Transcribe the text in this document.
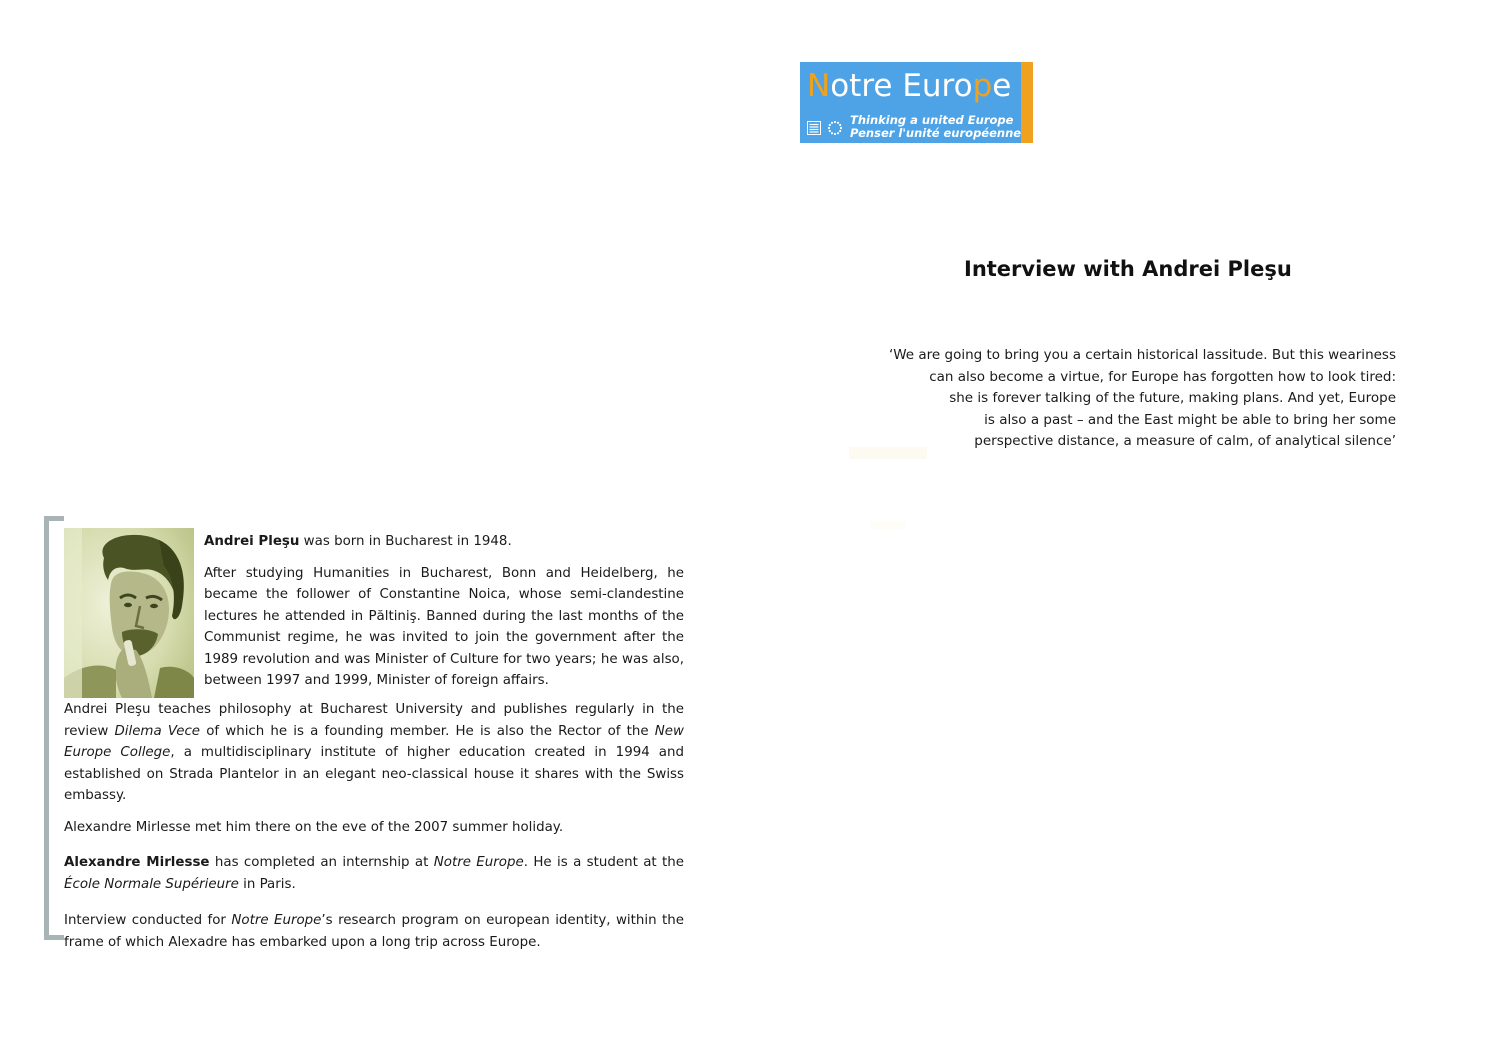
Notre Europe
Thinking a united Europe
Penser l'unité européenne
Interview with Andrei Pleşu
‘We are going to bring you a certain historical lassitude. But this weariness
can also become a virtue, for Europe has forgotten how to look tired:
she is forever talking of the future, making plans. And yet, Europe
is also a past – and the East might be able to bring her some
perspective distance, a measure of calm, of analytical silence’

Andrei Pleşu was born in Bucharest in 1948.

After studying Humanities in Bucharest, Bonn and Heidelberg, he became the follower of Constantine Noica, whose semi-clandestine lectures he attended in Păltiniş. Banned during the last months of the Communist regime, he was invited to join the government after the 1989 revolution and was Minister of Culture for two years; he was also, between 1997 and 1999, Minister of foreign affairs.

Andrei Pleşu teaches philosophy at Bucharest University and publishes regularly in the review Dilema Vece of which he is a founding member. He is also the Rector of the New Europe College, a multidisciplinary institute of higher education created in 1994 and established on Strada Plantelor in an elegant neo-classical house it shares with the Swiss embassy.

Alexandre Mirlesse met him there on the eve of the 2007 summer holiday.

Alexandre Mirlesse has completed an internship at Notre Europe. He is a student at the École Normale Supérieure in Paris.

Interview conducted for Notre Europe’s research program on european identity, within the frame of which Alexadre has embarked upon a long trip across Europe.
